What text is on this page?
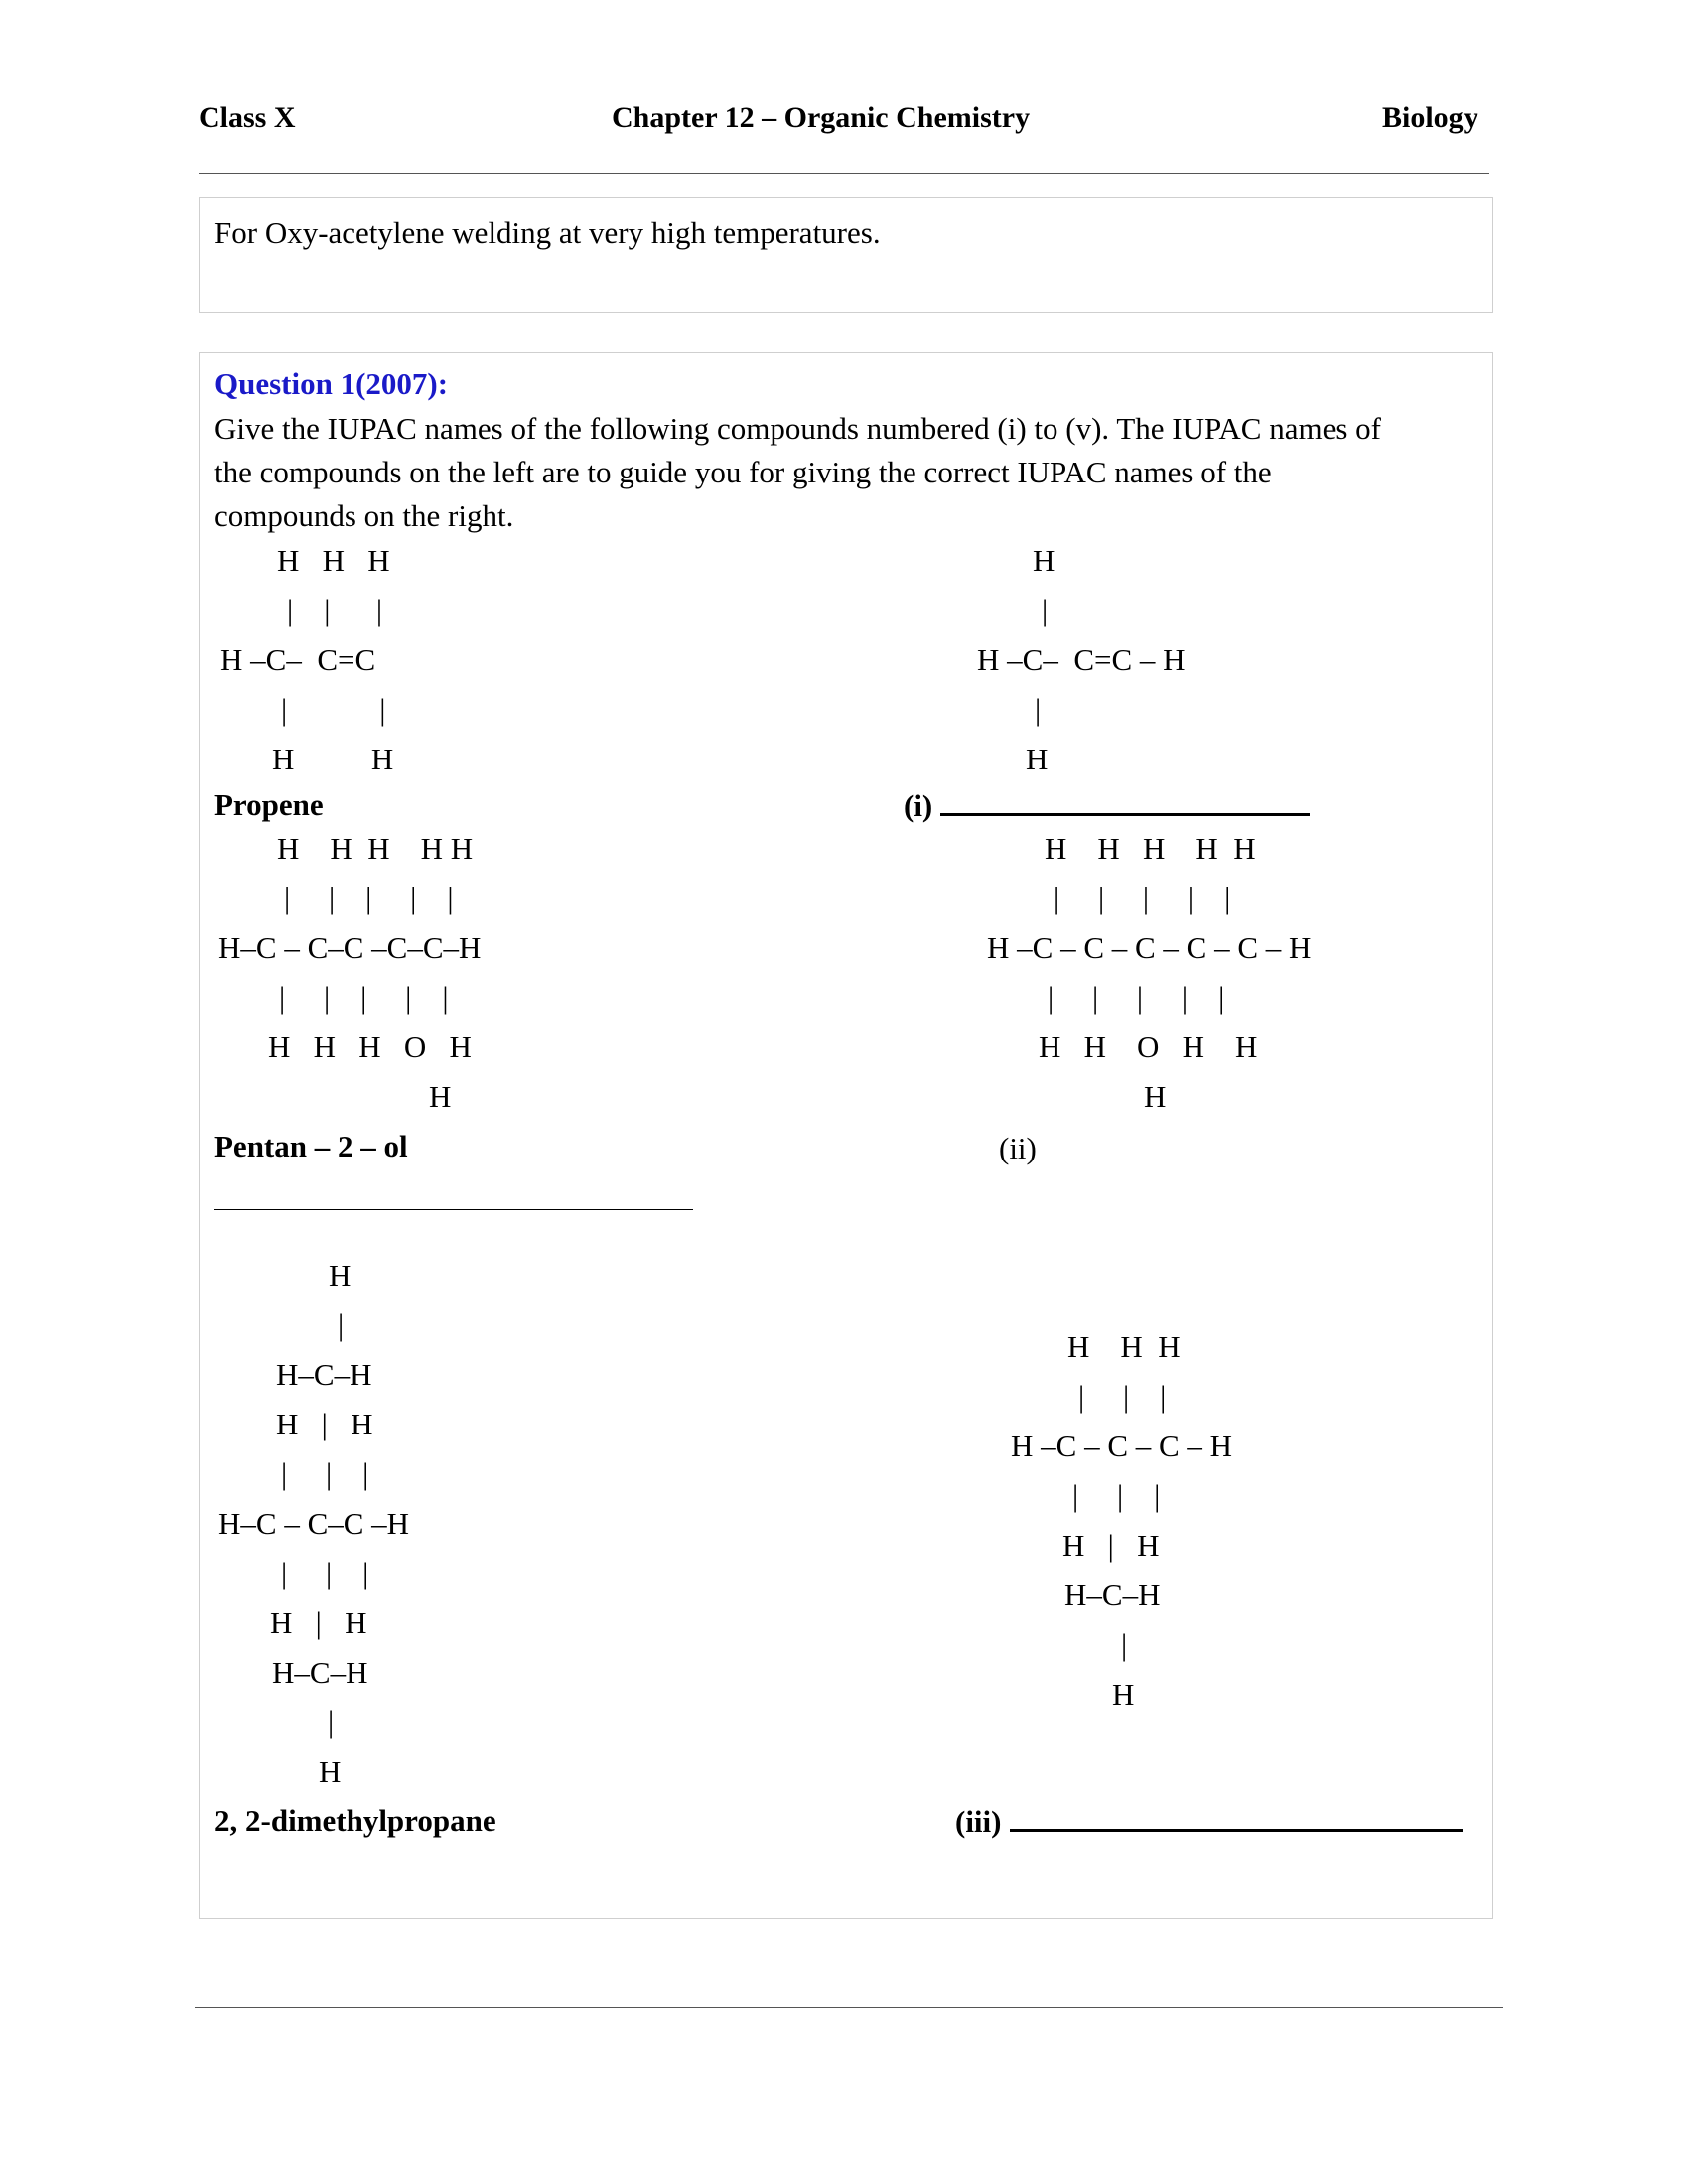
Class X	Chapter 12 – Organic Chemistry	Biology
For Oxy-acetylene welding at very high temperatures.
Question 1(2007):
Give the IUPAC names of the following compounds numbered (i) to (v). The IUPAC names of
the compounds on the left are to guide you for giving the correct IUPAC names of the
compounds on the right.
H   H   H
|    |      |
H –C–  C=C
|            |
H          H
Propene
H
|
H –C–  C=C – H
|
H
(i)
H    H  H    H H
|     |    |     |    |
H–C – C–C –C–C–H
|     |    |     |    |
H   H   H   O   H
H
Pentan – 2 – ol
H    H   H    H  H
|     |     |     |    |
H –C – C – C – C – C – H
|     |     |     |    |
H   H    O   H    H
H
(ii)
H
|
H–C–H
H   |   H
|     |    |
H–C – C–C –H
|     |    |
H   |   H
H–C–H
|
H
2, 2-dimethylpropane
H    H  H
|     |    |
H –C – C – C – H
|     |    |
H   |   H
H–C–H
|
H
(iii)
